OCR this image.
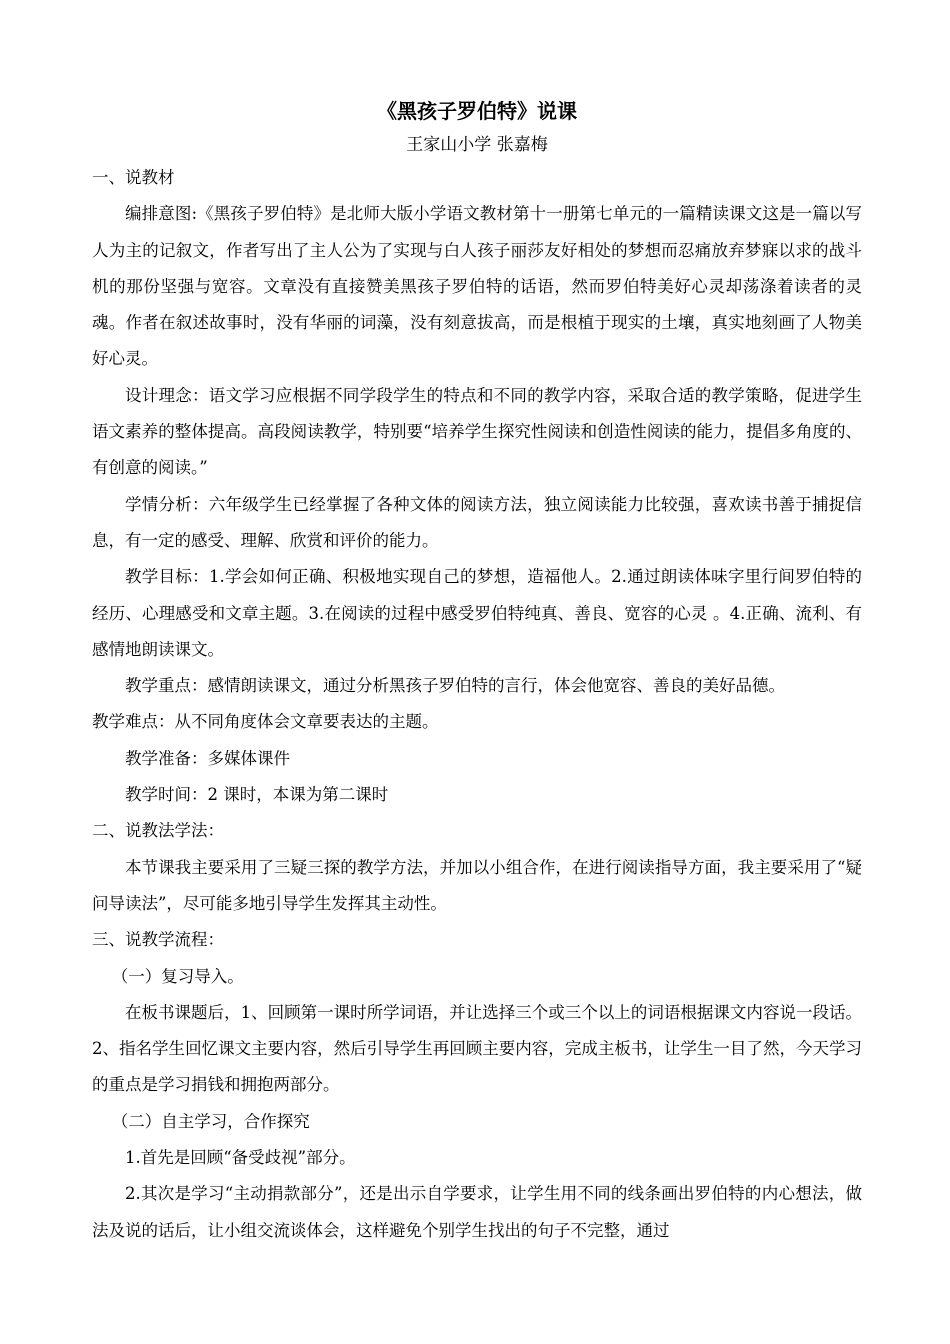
《黑孩子罗伯特》说课

王家山小学 张嘉梅

一、说教材

编排意图:《黑孩子罗伯特》是北师大版小学语文教材第十一册第七单元的一篇精读课文这是一篇以写人为主的记叙文，作者写出了主人公为了实现与白人孩子丽莎友好相处的梦想而忍痛放弃梦寐以求的战斗机的那份坚强与宽容。文章没有直接赞美黑孩子罗伯特的话语，然而罗伯特美好心灵却荡涤着读者的灵魂。作者在叙述故事时，没有华丽的词藻，没有刻意拔高，而是根植于现实的土壤，真实地刻画了人物美好心灵。

设计理念：语文学习应根据不同学段学生的特点和不同的教学内容，采取合适的教学策略，促进学生语文素养的整体提高。高段阅读教学，特别要“培养学生探究性阅读和创造性阅读的能力，提倡多角度的、有创意的阅读。”

学情分析：六年级学生已经掌握了各种文体的阅读方法，独立阅读能力比较强，喜欢读书善于捕捉信息，有一定的感受、理解、欣赏和评价的能力。

教学目标：1.学会如何正确、积极地实现自己的梦想，造福他人。2.通过朗读体味字里行间罗伯特的经历、心理感受和文章主题。3.在阅读的过程中感受罗伯特纯真、善良、宽容的心灵 。4.正确、流利、有感情地朗读课文。

教学重点：感情朗读课文，通过分析黑孩子罗伯特的言行，体会他宽容、善良的美好品德。

教学难点：从不同角度体会文章要表达的主题。

教学准备：多媒体课件

教学时间：2 课时，本课为第二课时

二、说教法学法：

本节课我主要采用了三疑三探的教学方法，并加以小组合作，在进行阅读指导方面，我主要采用了“疑问导读法”，尽可能多地引导学生发挥其主动性。

三、说教学流程：

（一）复习导入。

在板书课题后，1、回顾第一课时所学词语，并让选择三个或三个以上的词语根据课文内容说一段话。2、指名学生回忆课文主要内容，然后引导学生再回顾主要内容，完成主板书，让学生一目了然，今天学习的重点是学习捐钱和拥抱两部分。

（二）自主学习，合作探究

1.首先是回顾“备受歧视”部分。

2.其次是学习“主动捐款部分”，还是出示自学要求，让学生用不同的线条画出罗伯特的内心想法，做法及说的话后，让小组交流谈体会，这样避免个别学生找出的句子不完整，通过
